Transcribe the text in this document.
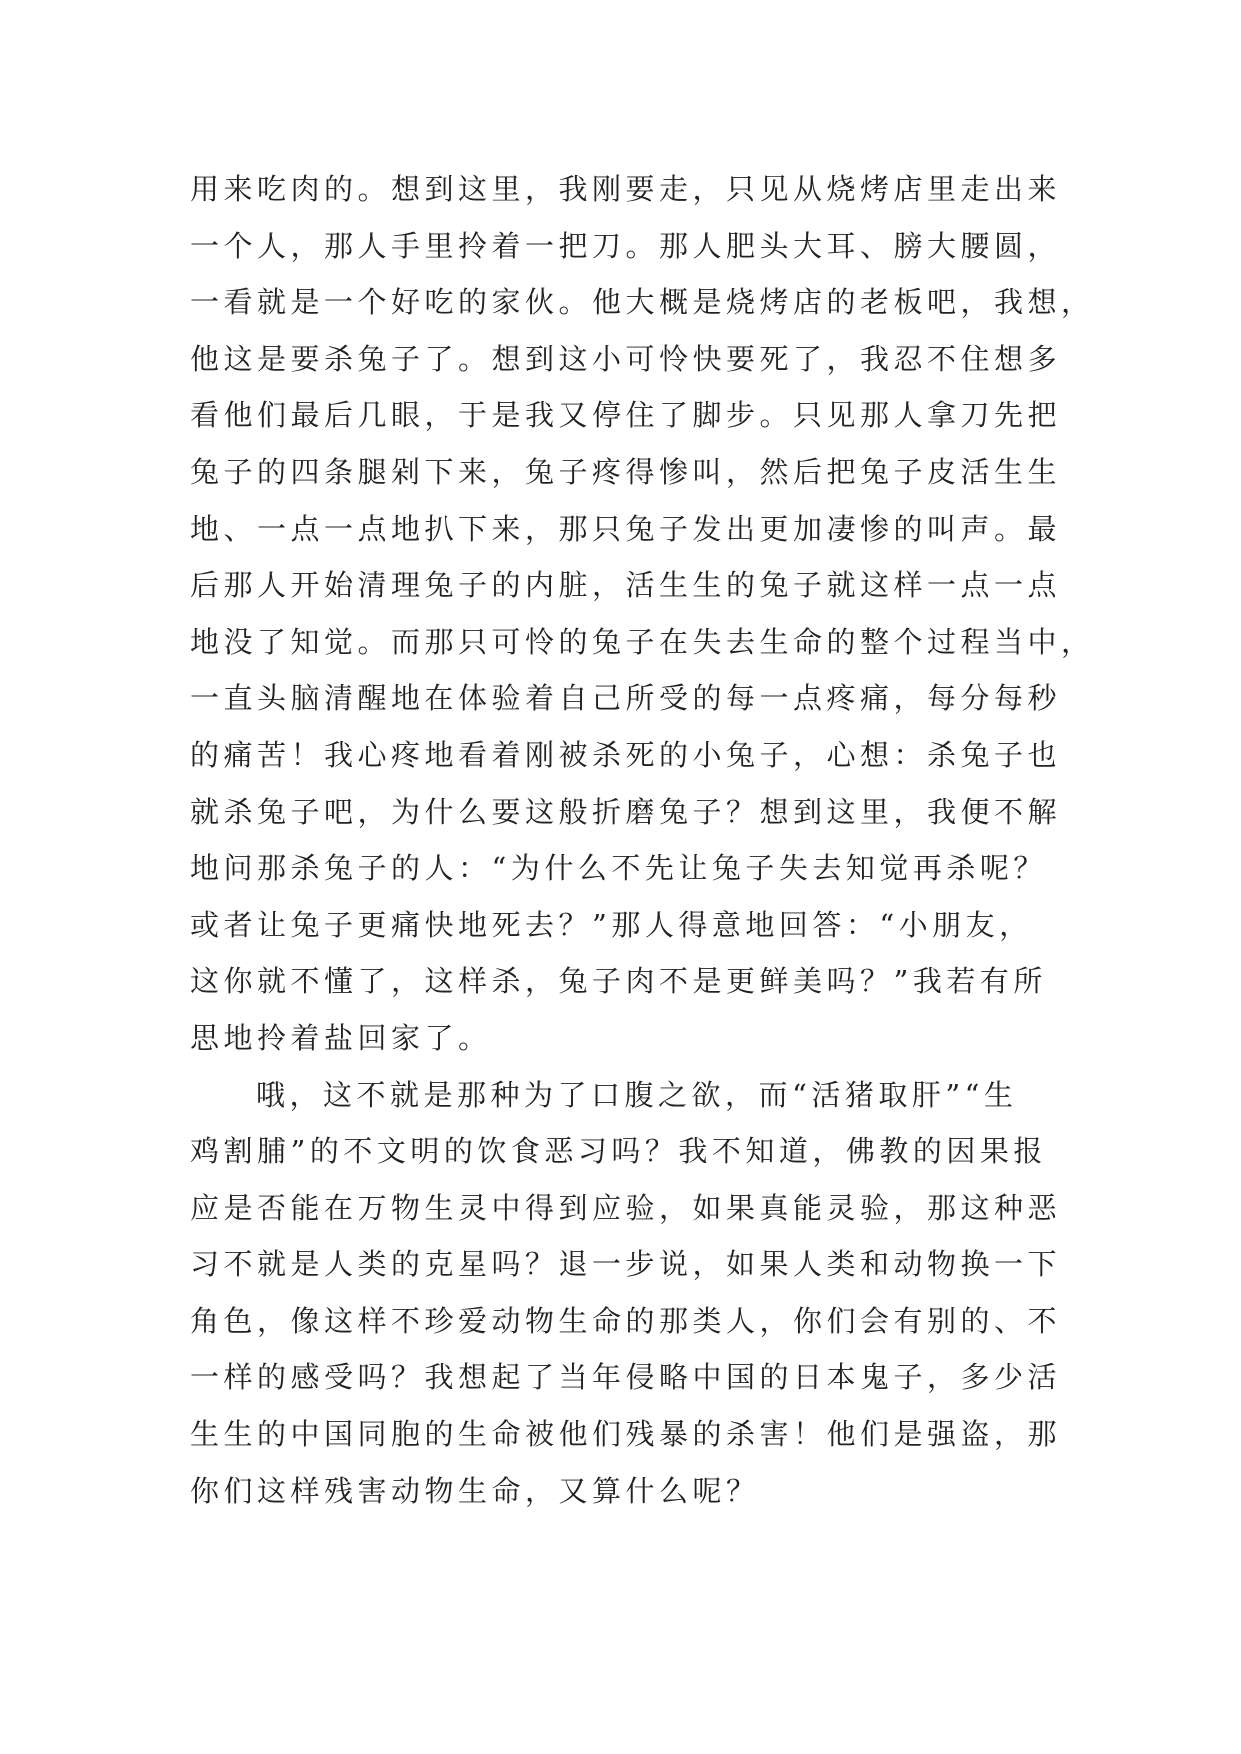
用来吃肉的。想到这里，我刚要走，只见从烧烤店里走出来
一个人，那人手里拎着一把刀。那人肥头大耳、膀大腰圆，
一看就是一个好吃的家伙。他大概是烧烤店的老板吧，我想，
他这是要杀兔子了。想到这小可怜快要死了，我忍不住想多
看他们最后几眼，于是我又停住了脚步。只见那人拿刀先把
兔子的四条腿剁下来，兔子疼得惨叫，然后把兔子皮活生生
地、一点一点地扒下来，那只兔子发出更加凄惨的叫声。最
后那人开始清理兔子的内脏，活生生的兔子就这样一点一点
地没了知觉。而那只可怜的兔子在失去生命的整个过程当中，
一直头脑清醒地在体验着自己所受的每一点疼痛，每分每秒
的痛苦！我心疼地看着刚被杀死的小兔子，心想：杀兔子也
就杀兔子吧，为什么要这般折磨兔子？想到这里，我便不解
地问那杀兔子的人：“为什么不先让兔子失去知觉再杀呢？
或者让兔子更痛快地死去？”那人得意地回答：“小朋友，
这你就不懂了，这样杀，兔子肉不是更鲜美吗？”我若有所
思地拎着盐回家了。
哦，这不就是那种为了口腹之欲，而“活猪取肝”“生
鸡割脯”的不文明的饮食恶习吗？我不知道，佛教的因果报
应是否能在万物生灵中得到应验，如果真能灵验，那这种恶
习不就是人类的克星吗？退一步说，如果人类和动物换一下
角色，像这样不珍爱动物生命的那类人，你们会有别的、不
一样的感受吗？我想起了当年侵略中国的日本鬼子，多少活
生生的中国同胞的生命被他们残暴的杀害！他们是强盗，那
你们这样残害动物生命，又算什么呢？
